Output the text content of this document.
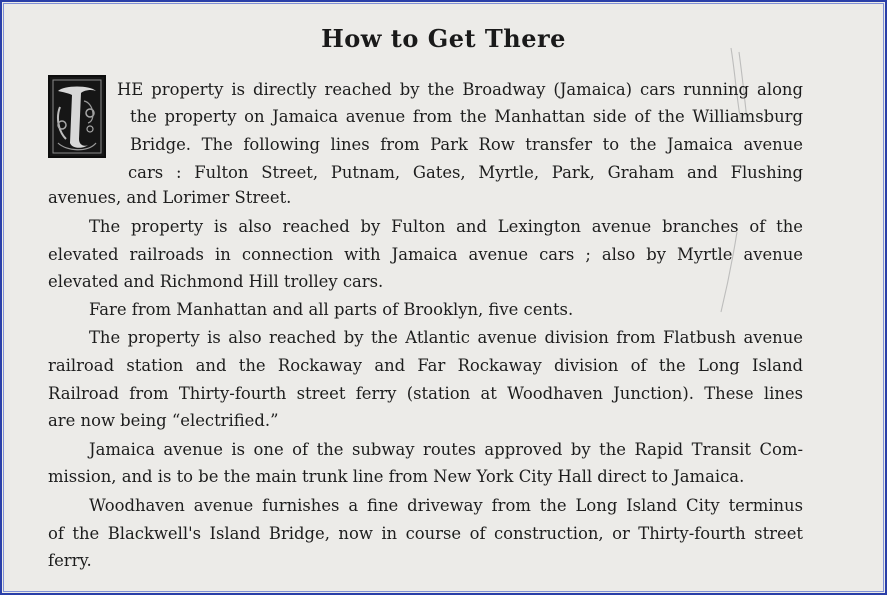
How to Get There
HE property is directly reached by the Broadway (Jamaica) cars running along
the property on Jamaica avenue from the Manhattan side of the Williamsburg
Bridge. The following lines from Park Row transfer to the Jamaica avenue
cars : Fulton Street, Putnam, Gates, Myrtle, Park, Graham and Flushing
avenues, and Lorimer Street.
The property is also reached by Fulton and Lexington avenue branches of the
elevated railroads in connection with Jamaica avenue cars ; also by Myrtle avenue
elevated and Richmond Hill trolley cars.
Fare from Manhattan and all parts of Brooklyn, five cents.
The property is also reached by the Atlantic avenue division from Flatbush avenue
railroad station and the Rockaway and Far Rockaway division of the Long Island
Railroad from Thirty-fourth street ferry (station at Woodhaven Junction). These lines
are now being “electrified.”
Jamaica avenue is one of the subway routes approved by the Rapid Transit Com-
mission, and is to be the main trunk line from New York City Hall direct to Jamaica.
Woodhaven avenue furnishes a fine driveway from the Long Island City terminus
of the Blackwell's Island Bridge, now in course of construction, or Thirty-fourth street
ferry.
